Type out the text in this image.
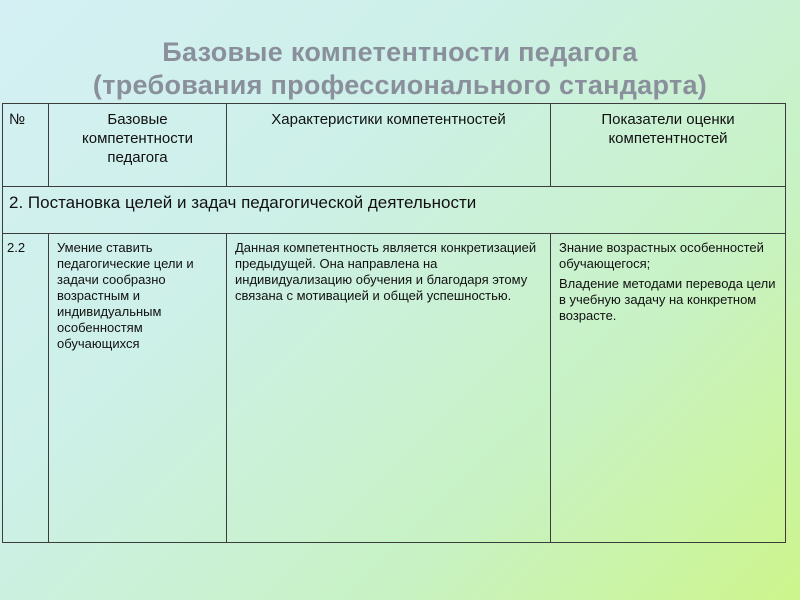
Базовые компетентности педагога
(требования профессионального стандарта)
№	Базовые компетентности педагога	Характеристики компетентностей	Показатели оценки компетентностей
2. Постановка целей и задач педагогической деятельности			
2.2	Умение ставить педагогические цели и задачи сообразно возрастным и индивидуальным особенностям обучающихся	Данная компетентность является конкретизацией предыдущей. Она направлена на индивидуализацию обучения и благодаря этому связана с мотивацией и общей успешностью.	Знание возрастных особенностей обучающегося;

Владение методами перевода цели в учебную задачу на конкретном возрасте.
